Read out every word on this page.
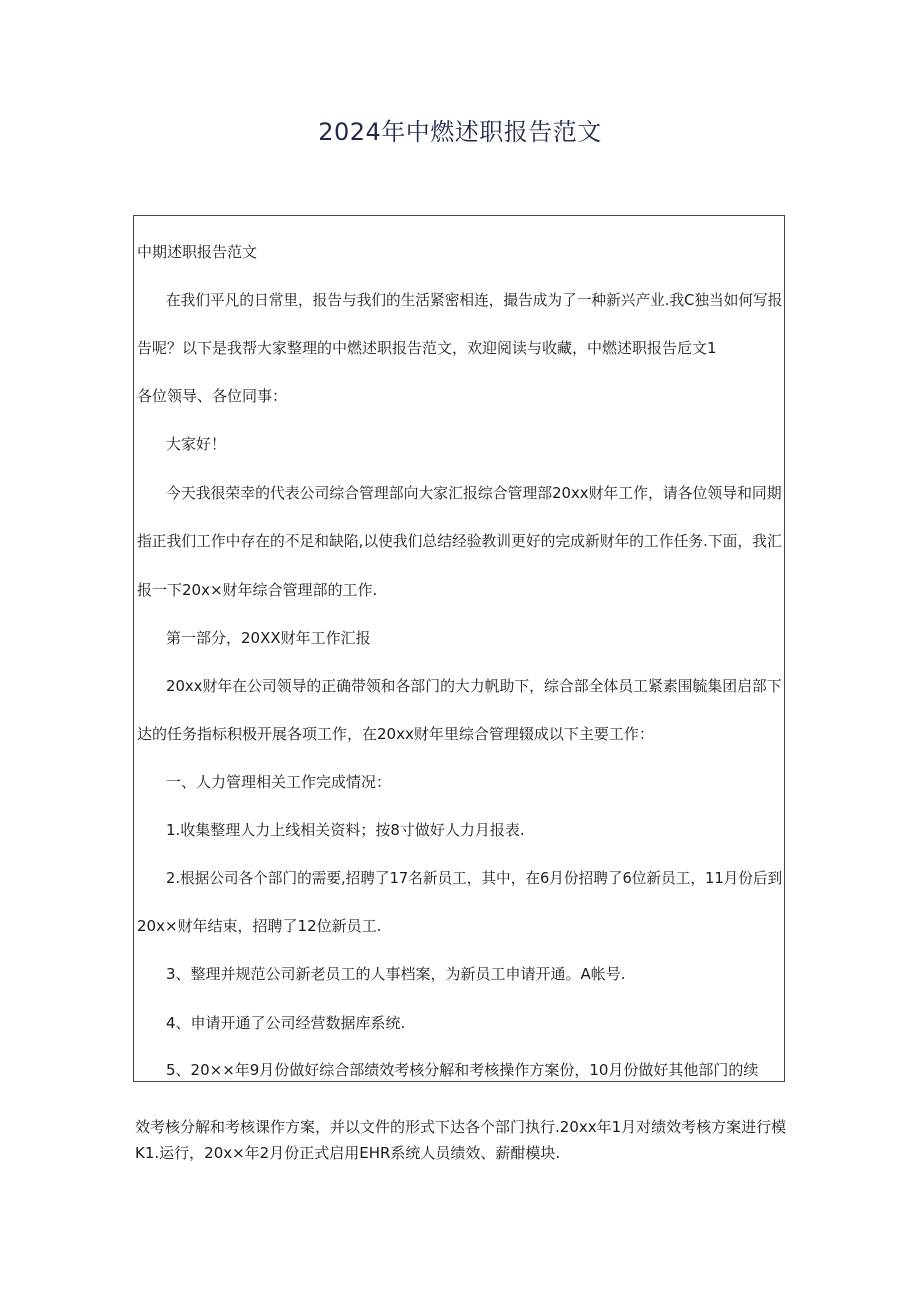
2024年中燃述职报告范文
中期述职报告范文
在我们平凡的日常里，报告与我们的生活紧密相连，撮告成为了一种新兴产业.我C独当如何写报
告呢？以下是我帮大家整理的中燃述职报告范文，欢迎阅读与收藏，中燃述职报告卮文1
各位领导、各位同事：
大家好！
今天我很荣幸的代表公司综合管理部向大家汇报综合管理部20xx财年工作，请各位领导和同期
指正我们工作中存在的不足和缺陷,以使我们总结经验教训更好的完成新财年的工作任务.下面，我汇
报一下20x×财年综合管理部的工作.
第一部分，20XX财年工作汇报
20xx财年在公司领导的正确带领和各部门的大力帆助下，综合部全体员工紧素围毓集团启部下
达的任务指标积极开展各项工作，在20xx财年里综合管理辍成以下主要工作：
一、人力管理相关工作完成情况：
1.收集整理人力上线相关资料；按8寸做好人力月报表.
2.根据公司各个部门的需要,招聘了17名新员工，其中，在6月份招聘了6位新员工，11月份后到
20x×财年结束，招聘了12位新员工.
3、整理并规范公司新老员工的人事档案，为新员工申请开通。A帐号.
4、申请开通了公司经营数据库系统.
5、20××年9月份做好综合部绩效考核分解和考核操作方案份，10月份做好其他部门的续
效考核分解和考核课作方案，并以文件的形式下达各个部门执行.20xx年1月对绩效考核方案进行模
K1.运行，20x×年2月份正式启用EHR系统人员绩效、薪酣模块.
